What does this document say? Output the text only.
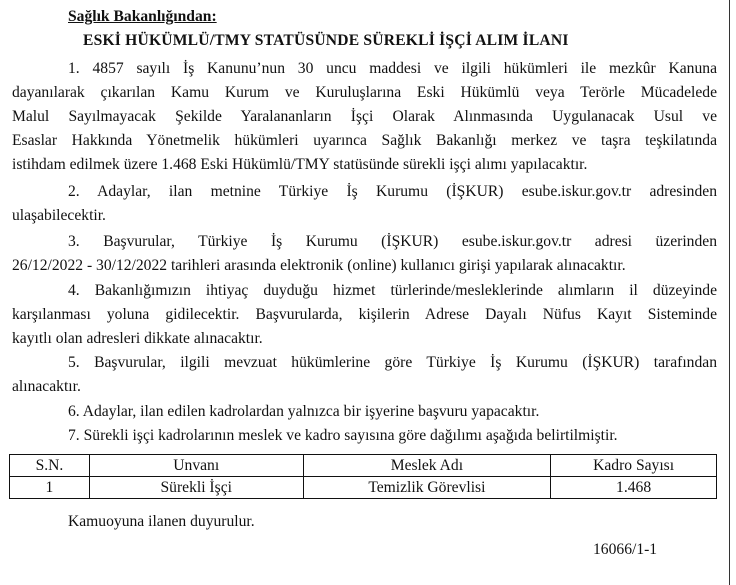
Sağlık Bakanlığından:
ESKİ HÜKÜMLÜ/TMY STATÜSÜNDE SÜREKLİ İŞÇİ ALIM İLANI
1. 4857 sayılı İş Kanunu’nun 30 uncu maddesi ve ilgili hükümleri ile mezkûr Kanuna
dayanılarak çıkarılan Kamu Kurum ve Kuruluşlarına Eski Hükümlü veya Terörle Mücadelede
Malul Sayılmayacak Şekilde Yaralananların İşçi Olarak Alınmasında Uygulanacak Usul ve
Esaslar Hakkında Yönetmelik hükümleri uyarınca Sağlık Bakanlığı merkez ve taşra teşkilatında
istihdam edilmek üzere 1.468 Eski Hükümlü/TMY statüsünde sürekli işçi alımı yapılacaktır.
2. Adaylar, ilan metnine Türkiye İş Kurumu (İŞKUR) esube.iskur.gov.tr adresinden
ulaşabilecektir.
3. Başvurular, Türkiye İş Kurumu (İŞKUR) esube.iskur.gov.tr adresi üzerinden
26/12/2022 - 30/12/2022 tarihleri arasında elektronik (online) kullanıcı girişi yapılarak alınacaktır.
4. Bakanlığımızın ihtiyaç duyduğu hizmet türlerinde/mesleklerinde alımların il düzeyinde
karşılanması yoluna gidilecektir. Başvurularda, kişilerin Adrese Dayalı Nüfus Kayıt Sisteminde
kayıtlı olan adresleri dikkate alınacaktır.
5. Başvurular, ilgili mevzuat hükümlerine göre Türkiye İş Kurumu (İŞKUR) tarafından
alınacaktır.
6. Adaylar, ilan edilen kadrolardan yalnızca bir işyerine başvuru yapacaktır.
7. Sürekli işçi kadrolarının meslek ve kadro sayısına göre dağılımı aşağıda belirtilmiştir.
S.N.	Unvanı	Meslek Adı	Kadro Sayısı
1	Sürekli İşçi	Temizlik Görevlisi	1.468
Kamuoyuna ilanen duyurulur.
16066/1-1
